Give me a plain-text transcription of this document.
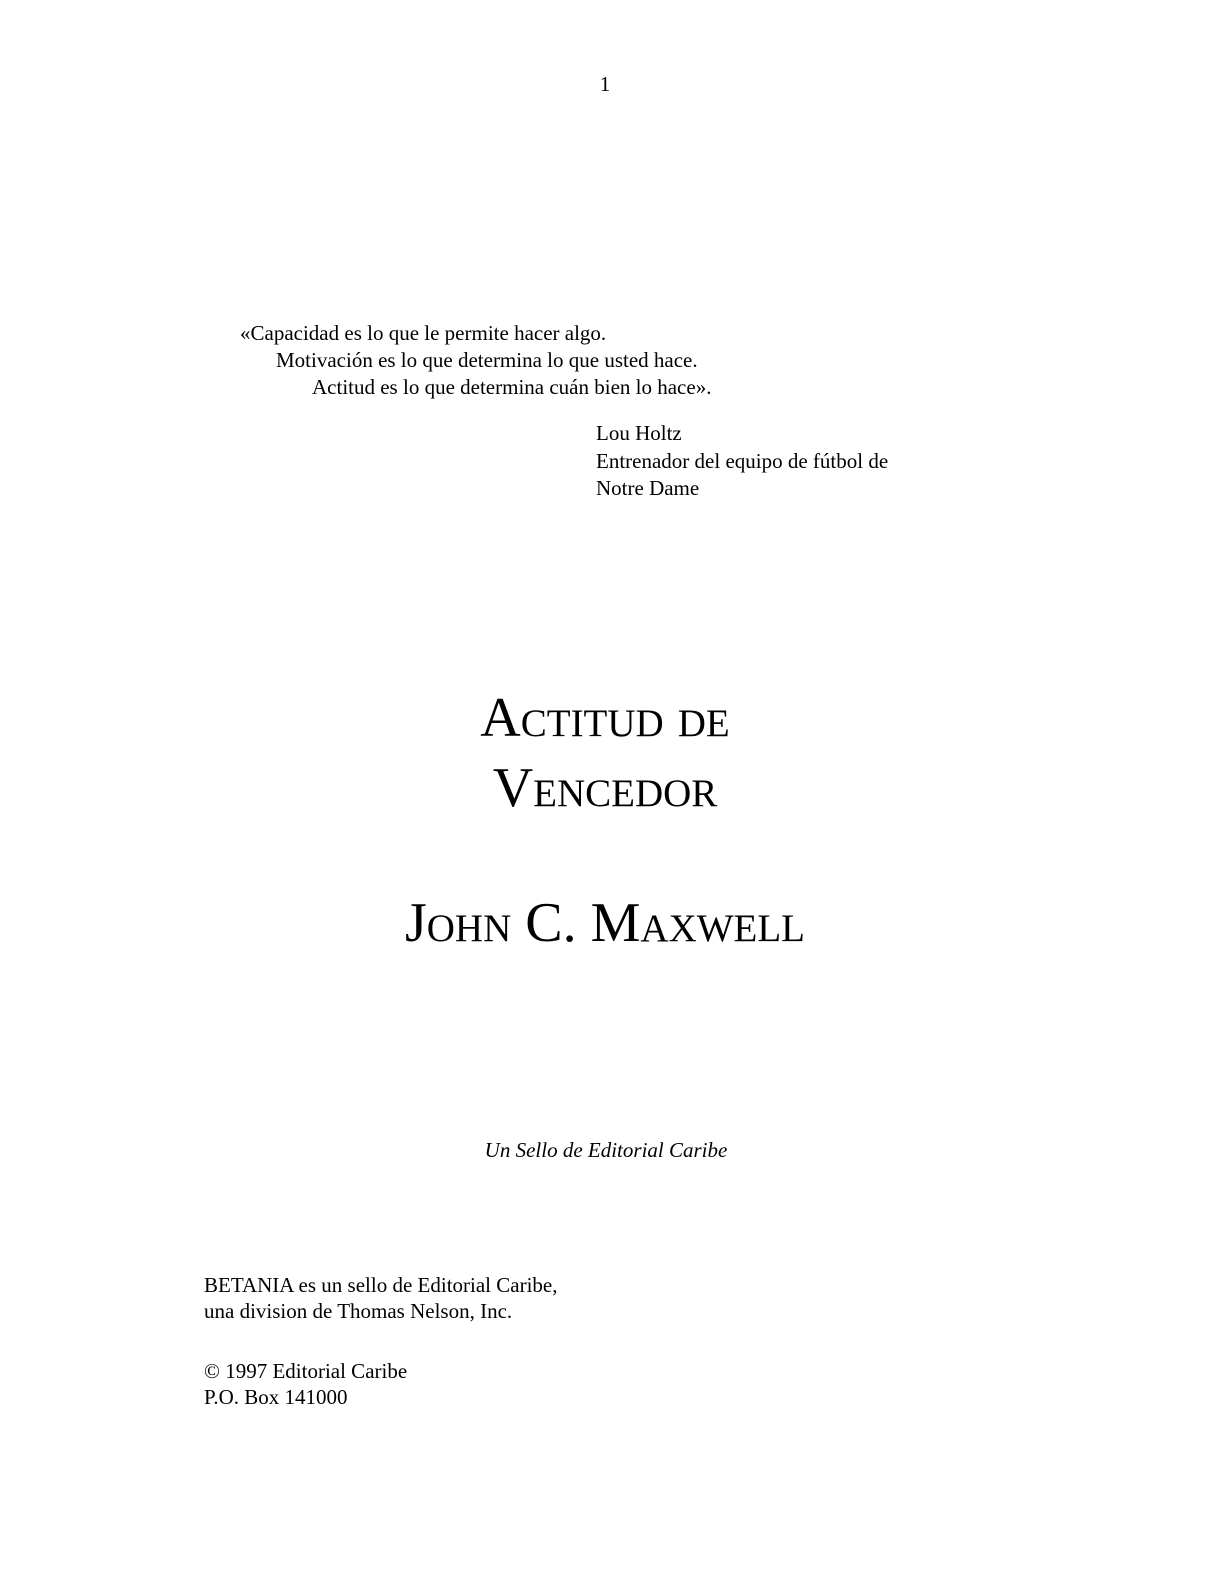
1
«Capacidad es lo que le permite hacer algo.
Motivación es lo que determina lo que usted hace.
Actitud es lo que determina cuán bien lo hace».
Lou Holtz
Entrenador del equipo de fútbol de
Notre Dame
Actitud de
Vencedor
John C. Maxwell
Un Sello de Editorial Caribe
BETANIA es un sello de Editorial Caribe,
una division de Thomas Nelson, Inc.
© 1997 Editorial Caribe
P.O. Box 141000
